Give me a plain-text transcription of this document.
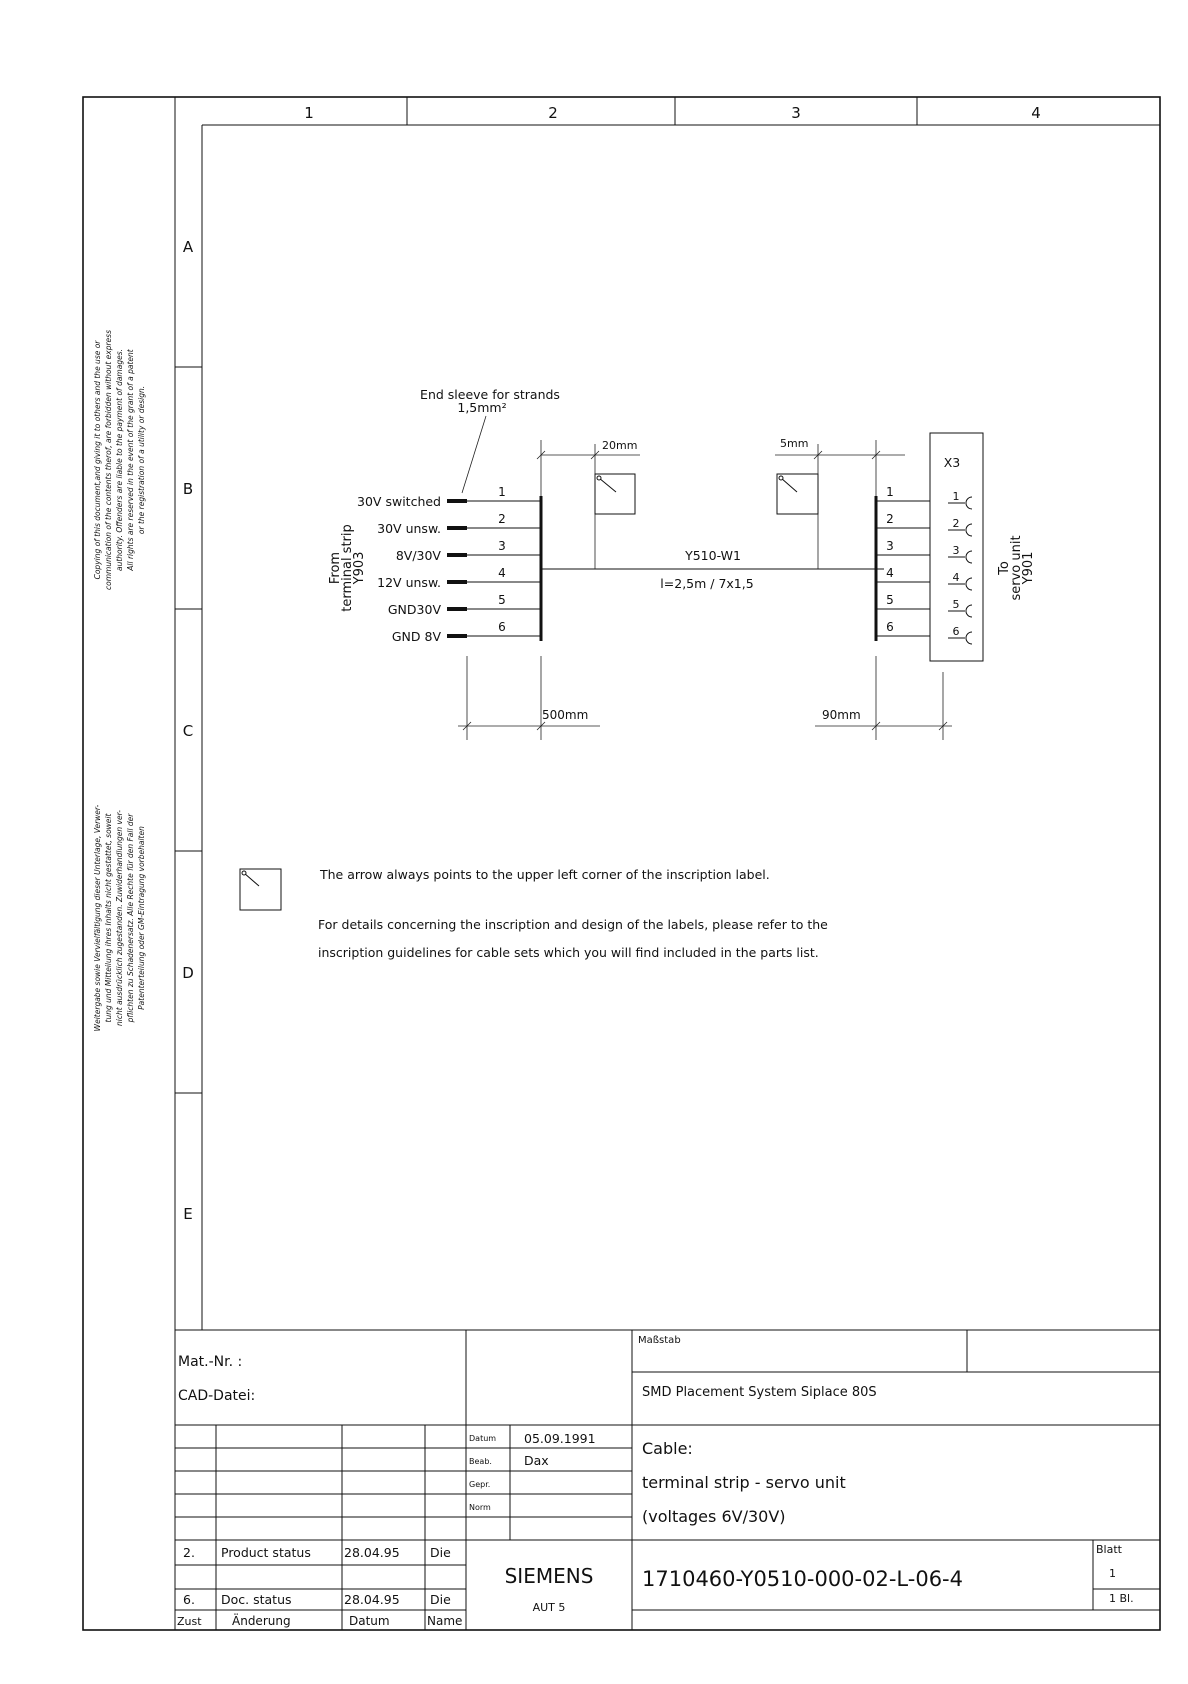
1	2	3	4
A
B
C
D
E
Copying of this document,and giving it to others and the use or communication of the contents therof, are forbidden without express authority. Offenders are liable to the payment of damages. All rights are reserved in the event of the grant of a patent or the registration of a utility or design.
Weitergabe sowie Vervielfältigung dieser Unterlage, Verwer- tung und Mitteilung ihres Inhalts nicht gestattet, soweit nicht ausdrücklich zugestanden. Zuwiderhandlungen ver- pflichten zu Schadenersatz. Alle Rechte für den Fall der Patenterteilung oder GM-Eintragung vorbehalten
End sleeve for strands
1,5mm²
30V switched
30V unsw.
8V/30V
12V unsw.
GND30V
GND 8V
1
2
3
4
5
6
From
terminal strip
Y903	Y510-W1
l=2,5m / 7x1,5
20mm	5mm
1
2
3
4
5
6
X3
1
2
3
4
5
6
To
servo unit
Y901
500mm	90mm
The arrow always points to the upper left corner of the inscription label.
For details concerning the inscription and design of the labels, please refer to the
inscription guidelines for cable sets which you will find included in the parts list.
Mat.-Nr. :
CAD-Datei:
Maßstab
SMD Placement System Siplace 80S
Datum 05.09.1991
Beab.	Dax
Gepr.
Norm
Cable:
terminal strip - servo unit
(voltages 6V/30V)
2. Product status	28.04.95 Die
6. Doc. status	28.04.95 Die
Zust	Änderung	Datum	Name
SIEMENS
AUT 5
1710460-Y0510-000-02-L-06-4
Blatt
1
1 Bl.
